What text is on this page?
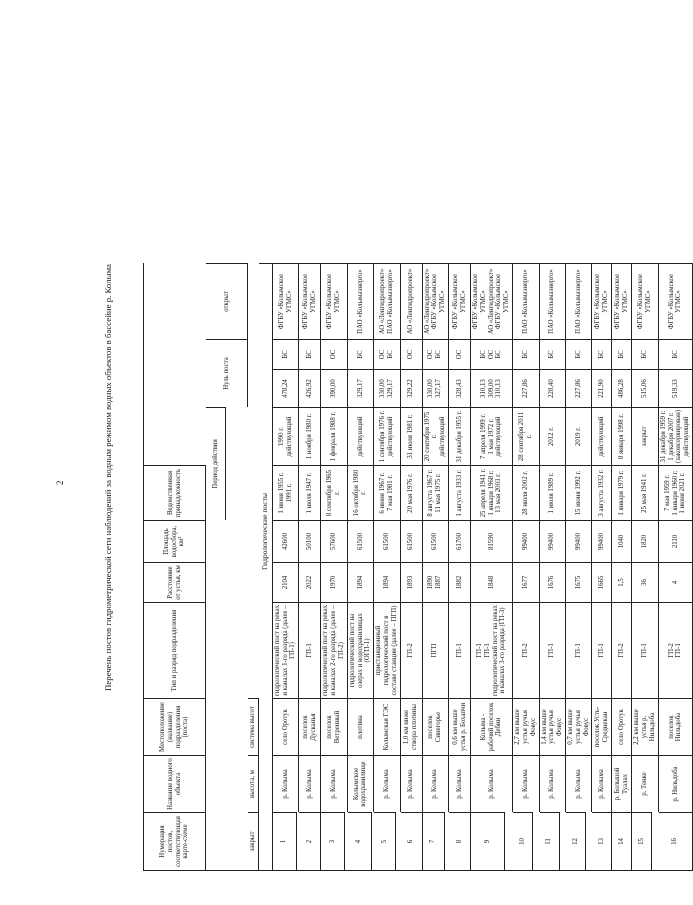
2	Перечень постов гидрометрической сети наблюдений за водным режимом водных объектов в бассейне р. Колыма
Нумерация постов, соответствующая карте-схеме
Название водного объекта
Местоположение (название) подразделения (поста)
Тип и разряд подразделения
Расстояние от устья, км
Площадь водосбора, км²
Период действия
Нуль поста
Ведомственная принадлежность
открыт
закрыт
высота, м
система высот
Гидрологические посты
1
р. Колыма
село Оротук
гидрологический пост на реках и каналах 1-го разряда (далее – ГП-1)
2104
42600
1 июня 1955 г.
1991 г.
1990 г.
действующий
478,24
БС
ФГБУ «Колымское УГМС»
2
р. Колыма
поселок Дусканья
ГП-1
2022
50100
1 июля 1947 г.
1 ноября 1980 г.
426,92
БС
ФГБУ «Колымское УГМС»
3
р. Колыма
поселок Ветренный
гидрологический пост на реках и каналах 2-го разряда (далее – ГП-2)
1970
57600
8 сентября 1965 г.
1 февраля 1988 г.
390,00
ОС
ФГБУ «Колымское УГМС»
4
Колымское водохранилище
плотина
гидрологический пост на озерах и водохранилищах (ОГП-1)
1894
61500
16 октября 1980 г.
действующий
329,17
БС
ПАО «Колымаэнерго»
5
р. Колыма
Колымская ГЭС
пристанционный гидрологический пост в составе станции (далее – ПГП)
1894
61500
6 июня 1967 г.
7 мая 1981 г.
1 сентября 1976 г.
действующий
330,00
329,17
ОС
БС
АО «Ленгидропроект»
ПАО «Колымаэнерго»
6
р. Колыма
1,0 км ниже створа плотины
ГП-2
1893
61500
20 мая 1976 г.
31 июля 1981 г.
329,22
ОС
АО «Ленгидропроект»
7
р. Колыма
поселок Синегорье
ПГП
1890
1887
61500
8 августа 1967 г.
11 мая 1975 г.
20 сентября 1975 г.
действующий
330,00
327,17
ОС
БС
АО «Ленгидропроект»
ФГБУ «Колымское УГМС»
8
р. Колыма
0,6 км выше устья р. Бохапчи
ГП-1
1882
61700
1 августа 1933 г.
31 декабря 1955 г.
328,43
ОС
ФГБУ «Колымское УГМС»
9
р. Колыма
Колыма - рабочий поселок Дебин
ГП-1
ГП-1
гидрологический пост на реках и каналах 3-го разряда (ГП-3)
1848
81590
25 апреля 1941 г.
1 января 1968 г.
13 мая 2003 г.
7 апреля 1999 г.
1 мая 1972 г.
действующий
310,13
309,00
310,13
БС
ОС
БС
ФГБУ «Колымское УГМС»
АО «Ленгидропроект»
ФГБУ «Колымское УГМС»
10
р. Колыма
2,7 км выше устья ручья Фовус
ГП-2
1677
99400
28 июля 2002 г.
28 сентября 2011 г.
227,86
БС
ПАО «Колымаэнерго»
11
р. Колыма
1,4 км выше устья ручья Фовус
ГП-1
1676
99400
1 июля 1989 г.
2012 г.
228,40
БС
ПАО «Колымаэнерго»
12
р. Колыма
0,7 км выше устья ручья Фовус
ГП-1
1675
99400
15 июня 1992 г.
2019 г.
227,86
БС
ПАО «Колымаэнерго»
13
р. Колыма
поселок Усть-Среднекан
ГП-1
1665
99400
3 августа 1932 г.
действующий
221,90
БС
ФГБУ «Колымское УГМС»
14
р. Большой Туалах
село Оротук
ГП-2
1,5
1040
1 января 1979 г.
8 января 1998 г.
486,28
БС
ФГБУ «Колымское УГМС»
15
р. Тенке
2,2 км выше устья р. Нильдоба
ГП-1
36
1820
25 мая 1941 г.
закрыт
515,06
БС
ФГБУ «Колымское УГМС»
16
р. Нильдоба
поселок Нильдоба
ГП-2
ГП-1
4
2110
7 мая 1959 г.
1 января 1960 г.
1 июня 2021 г.
31 декабря 1959 г.
1 декабря 2007 г.
(законсервирован)
действующий
519,33
БС
ФГБУ «Колымское УГМС»
